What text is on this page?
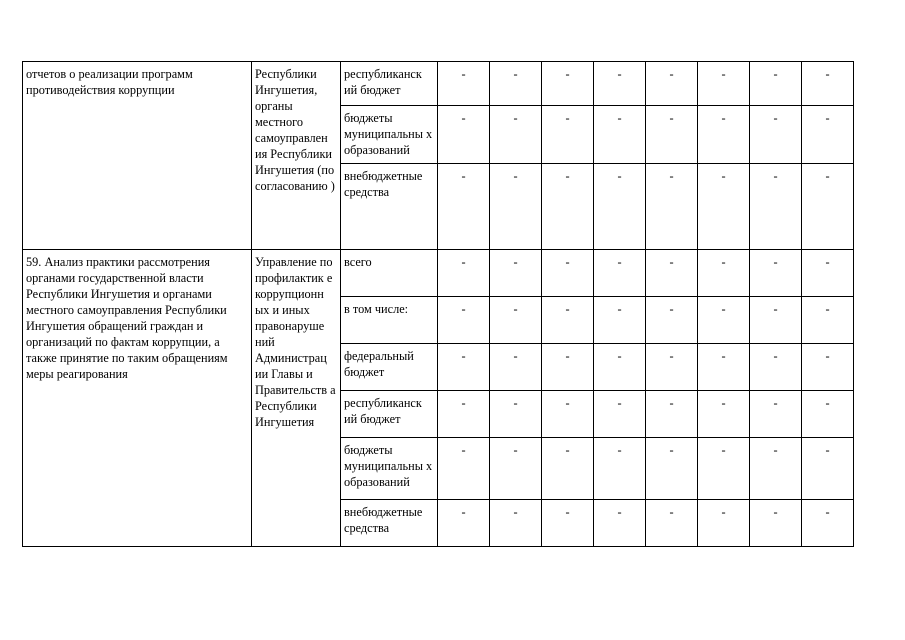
отчетов о реализации программ противодействия коррупции	Республики Ингушетия, органы местного самоуправлен ия Республики Ингушетия (по согласованию )	республиканск ий бюджет	-	-	-	-	-	-	-	-
		бюджеты муниципальны х образований	-	-	-	-	-	-	-	-
		внебюджетные средства	-	-	-	-	-	-	-	-
59. Анализ практики рассмотрения органами государственной власти Республики Ингушетия и органами местного самоуправления Республики Ингушетия обращений граждан и организаций по фактам коррупции, а также принятие по таким обращениям меры реагирования	Управление по профилактик е коррупционн ых и иных правонаруше ний Администрац ии Главы и Правительств а Республики Ингушетия	всего	-	-	-	-	-	-	-	-
		в том числе:	-	-	-	-	-	-	-	-
		федеральный бюджет	-	-	-	-	-	-	-	-
		республиканск ий бюджет	-	-	-	-	-	-	-	-
		бюджеты муниципальны х образований	-	-	-	-	-	-	-	-
		внебюджетные средства	-	-	-	-	-	-	-	-
